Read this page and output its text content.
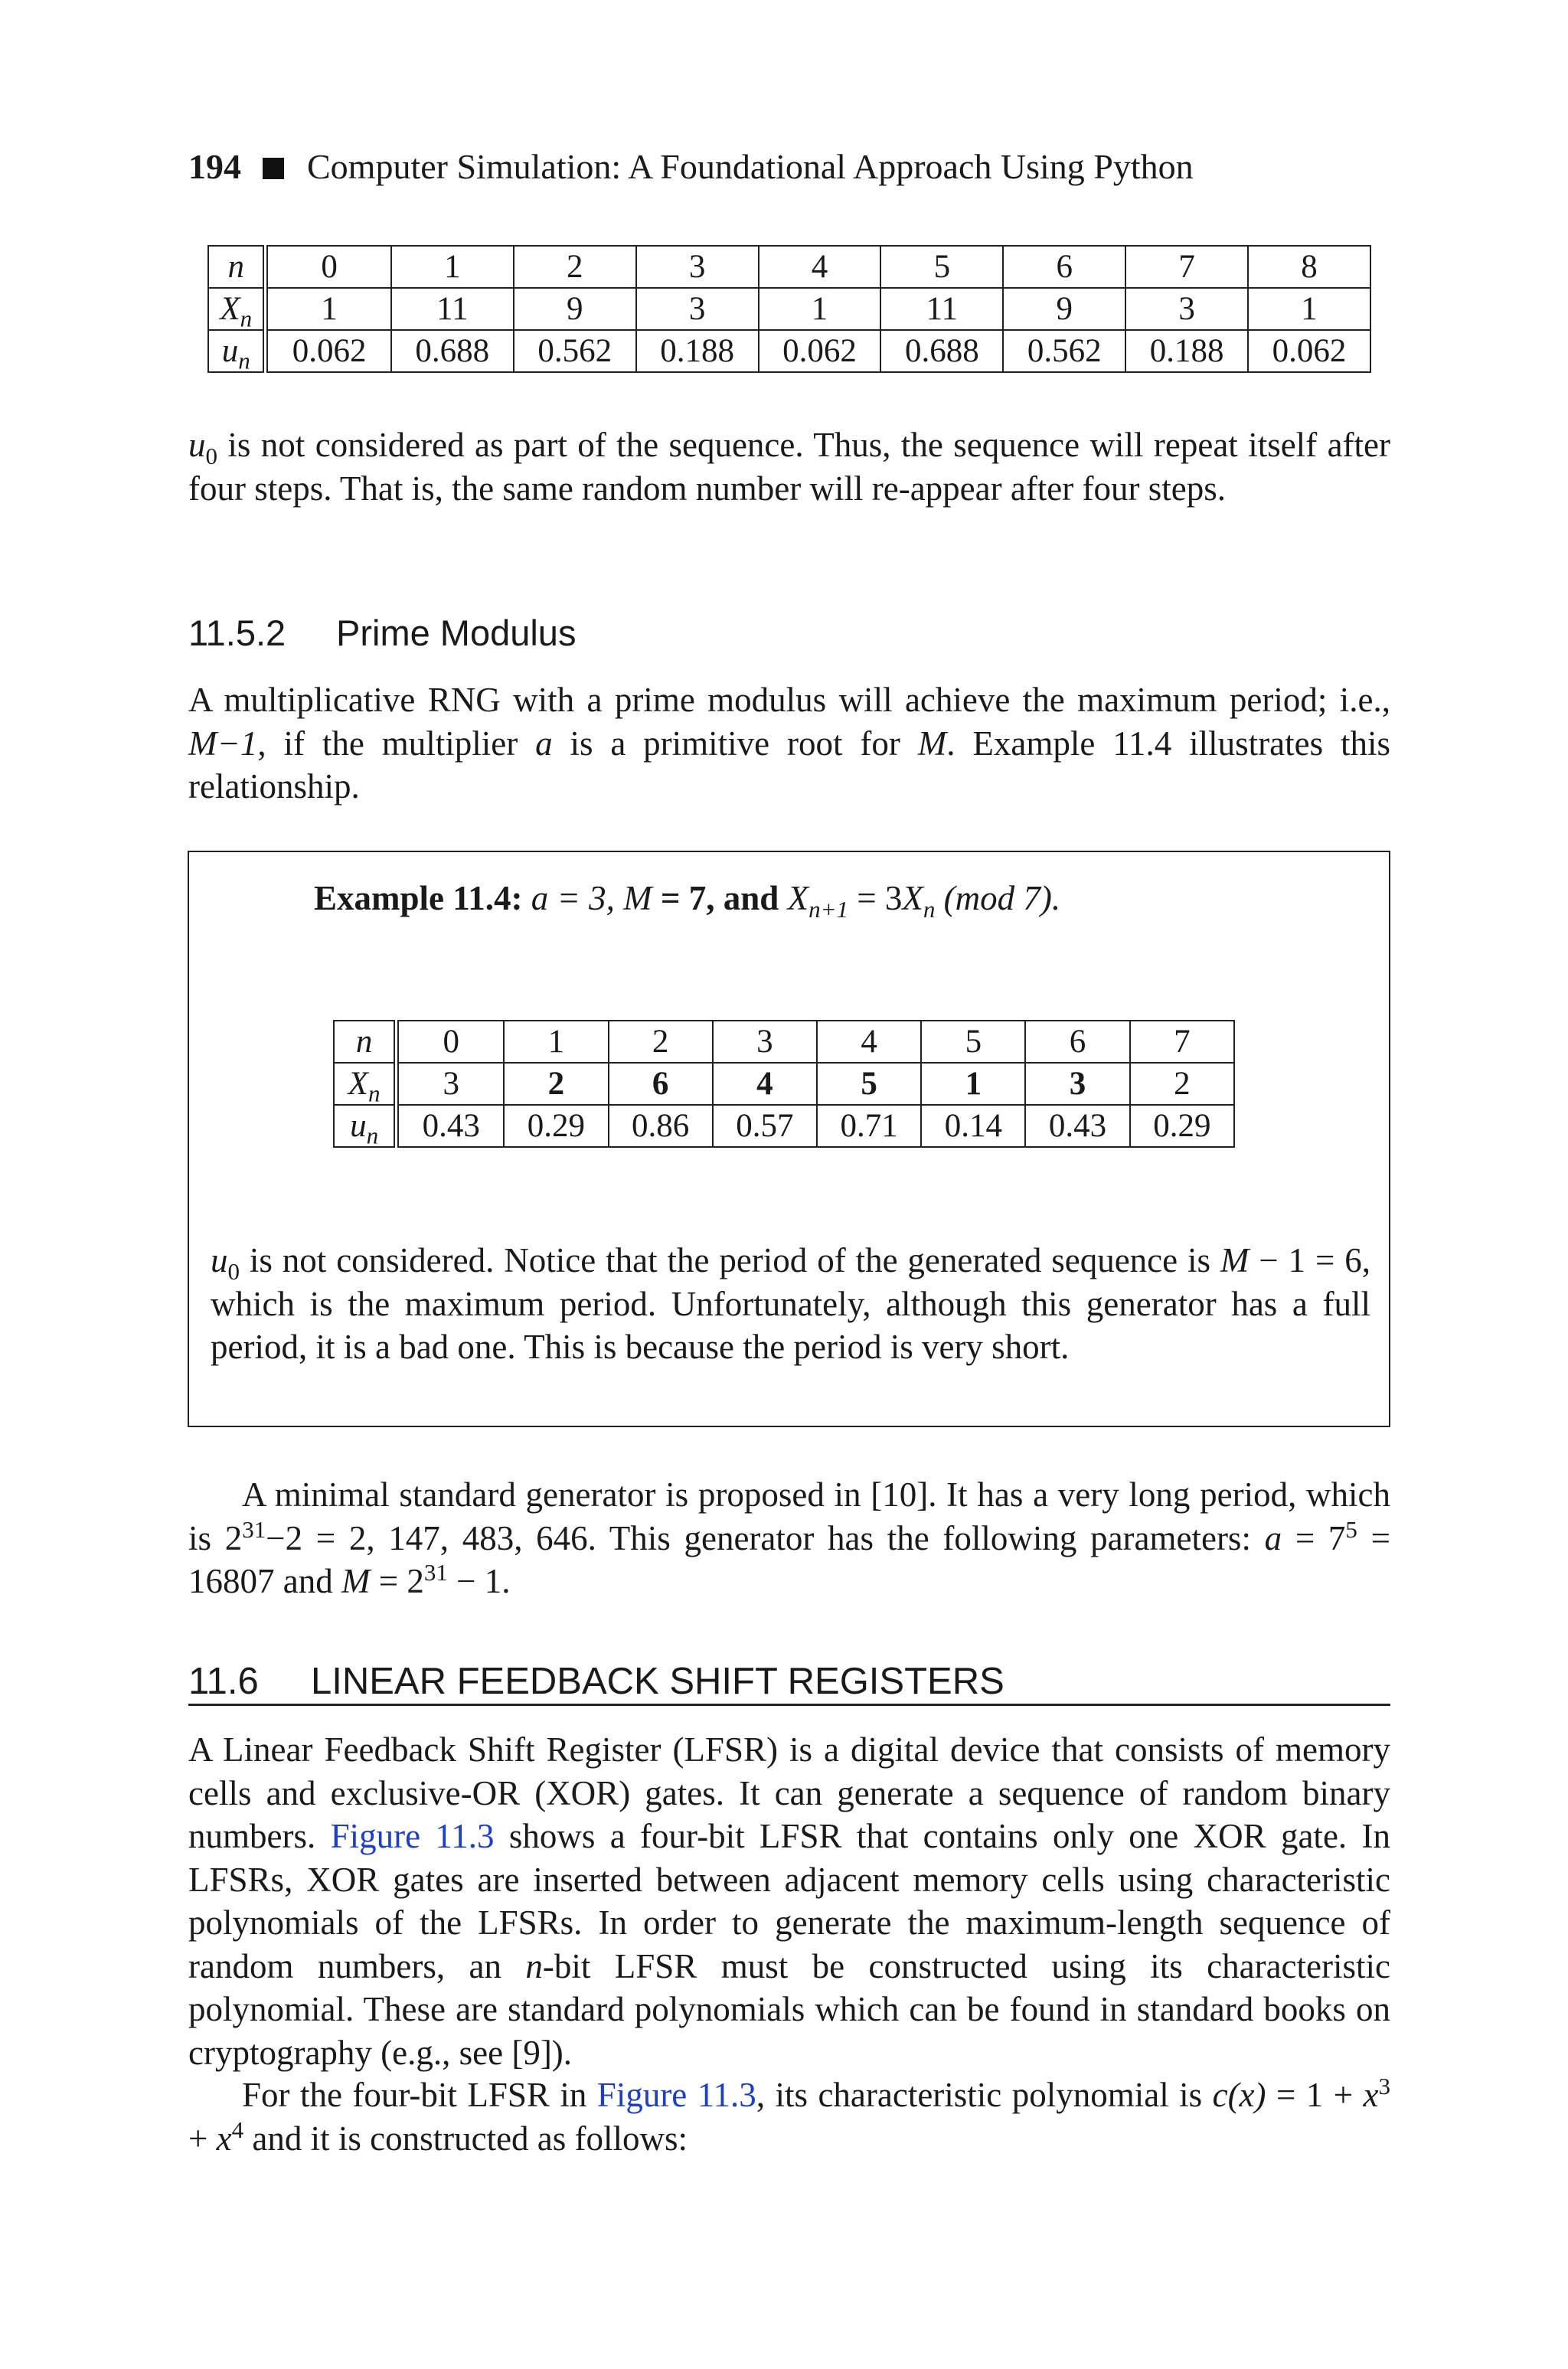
194 Computer Simulation: A Foundational Approach Using Python
n	0	1	2	3	4	5	6	7	8
$X_n$	1	11	9	3	1	11	9	3	1
$u_n$	0.062	0.688	0.562	0.188	0.062	0.688	0.562	0.188	0.062
$u_0$ is not considered as part of the sequence. Thus, the sequence will repeat itself after four steps. That is, the same random number will re-appear after four steps.
11.5.2 Prime Modulus
A multiplicative RNG with a prime modulus will achieve the maximum period; i.e., M−1, if the multiplier a is a primitive root for M. Example 11.4 illustrates this relationship.
Example 11.4: a = 3, M = 7, and $X_{n+1} = 3X_n$ (mod 7).
n	0	1	2	3	4	5	6	7
$X_n$	3	2	6	4	5	1	3	2
$u_n$	0.43	0.29	0.86	0.57	0.71	0.14	0.43	0.29
$u_0$ is not considered. Notice that the period of the generated sequence is M − 1 = 6, which is the maximum period. Unfortunately, although this generator has a full period, it is a bad one. This is because the period is very short.
A minimal standard generator is proposed in [10]. It has a very long period, which is $2^{31}-2 = 2$, 147, 483, 646. This generator has the following parameters: $a = 7^5 = 16807$ and $M = 2^{31} - 1$.
11.6 LINEAR FEEDBACK SHIFT REGISTERS
A Linear Feedback Shift Register (LFSR) is a digital device that consists of memory cells and exclusive-OR (XOR) gates. It can generate a sequence of random binary numbers. Figure 11.3 shows a four-bit LFSR that contains only one XOR gate. In LFSRs, XOR gates are inserted between adjacent memory cells using characteristic polynomials of the LFSRs. In order to generate the maximum-length sequence of random numbers, an n-bit LFSR must be constructed using its characteristic polynomial. These are standard polynomials which can be found in standard books on cryptography (e.g., see [9]).
For the four-bit LFSR in Figure 11.3, its characteristic polynomial is $c(x) = 1 + x^3 + x^4$ and it is constructed as follows:
